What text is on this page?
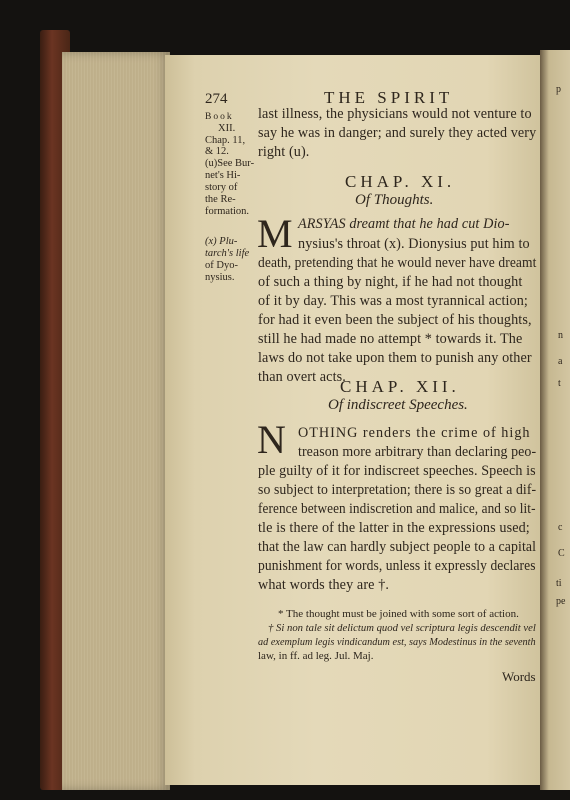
p
n
a
t
c
C
ti
pe
274	THE SPIRIT
Book
XII.
Chap. 11,
& 12.
(u)See Bur-
net's Hi-
story of
the Re-
formation.
(x) Plu-
tarch's life
of Dyo-
nysius.
last illness, the physicians would not venture to
say he was in danger; and surely they acted very
right (u).
CHAP. XI.
Of Thoughts.
M ARSYAS dreamt that he had cut Dio-
nysius's throat (x). Dionysius put him to
death, pretending that he would never have dreamt
of such a thing by night, if he had not thought
of it by day. This was a most tyrannical action;
for had it even been the subject of his thoughts,
still he had made no attempt * towards it. The
laws do not take upon them to punish any other
than overt acts.
CHAP. XII.
Of indiscreet Speeches.
N OTHING renders the crime of high
treason more arbitrary than declaring peo-
ple guilty of it for indiscreet speeches. Speech is
so subject to interpretation; there is so great a dif-
ference between indiscretion and malice, and so lit-
tle is there of the latter in the expressions used;
that the law can hardly subject people to a capital
punishment for words, unless it expressly declares
what words they are †.
* The thought must be joined with some sort of action.
† Si non tale sit delictum quod vel scriptura legis descendit vel
ad exemplum legis vindicandum est, says Modestinus in the seventh
law, in ff. ad leg. Jul. Maj.
Words
